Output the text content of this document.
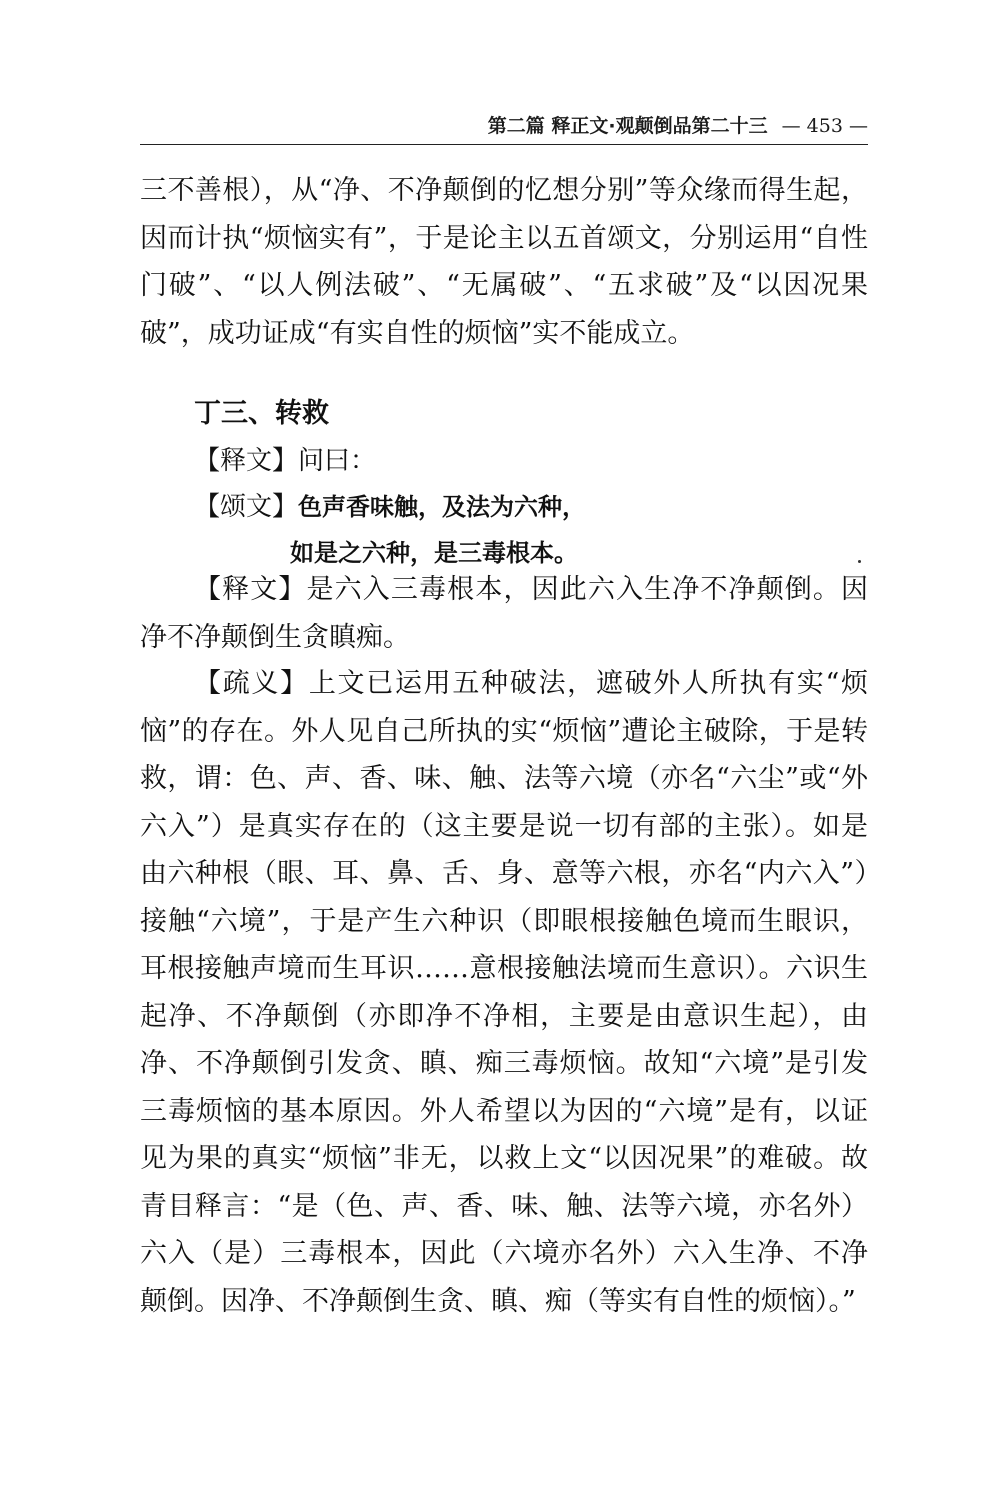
第二篇 释正文·观颠倒品第二十三 — 453 —
三不善根），从“净、不净颠倒的忆想分别”等众缘而得生起，因而计执“烦恼实有”，于是论主以五首颂文，分别运用“自性门破”、“以人例法破”、“无属破”、“五求破”及“以因况果破”，成功证成“有实自性的烦恼”实不能成立。
丁三、转救
【释文】问曰：
【颂文】色声香味触，及法为六种，
如是之六种，是三毒根本。
【释文】是六入三毒根本，因此六入生净不净颠倒。因净不净颠倒生贪瞋痴。
【疏义】上文已运用五种破法，遮破外人所执有实“烦恼”的存在。外人见自己所执的实“烦恼”遭论主破除，于是转救，谓：色、声、香、味、触、法等六境（亦名“六尘”或“外六入”）是真实存在的（这主要是说一切有部的主张）。如是由六种根（眼、耳、鼻、舌、身、意等六根，亦名“内六入”）接触“六境”，于是产生六种识（即眼根接触色境而生眼识，耳根接触声境而生耳识……意根接触法境而生意识）。六识生起净、不净颠倒（亦即净不净相，主要是由意识生起），由净、不净颠倒引发贪、瞋、痴三毒烦恼。故知“六境”是引发三毒烦恼的基本原因。外人希望以为因的“六境”是有，以证见为果的真实“烦恼”非无，以救上文“以因况果”的难破。故青目释言：“是（色、声、香、味、触、法等六境，亦名外）六入（是）三毒根本，因此（六境亦名外）六入生净、不净颠倒。因净、不净颠倒生贪、瞋、痴（等实有自性的烦恼）。”
